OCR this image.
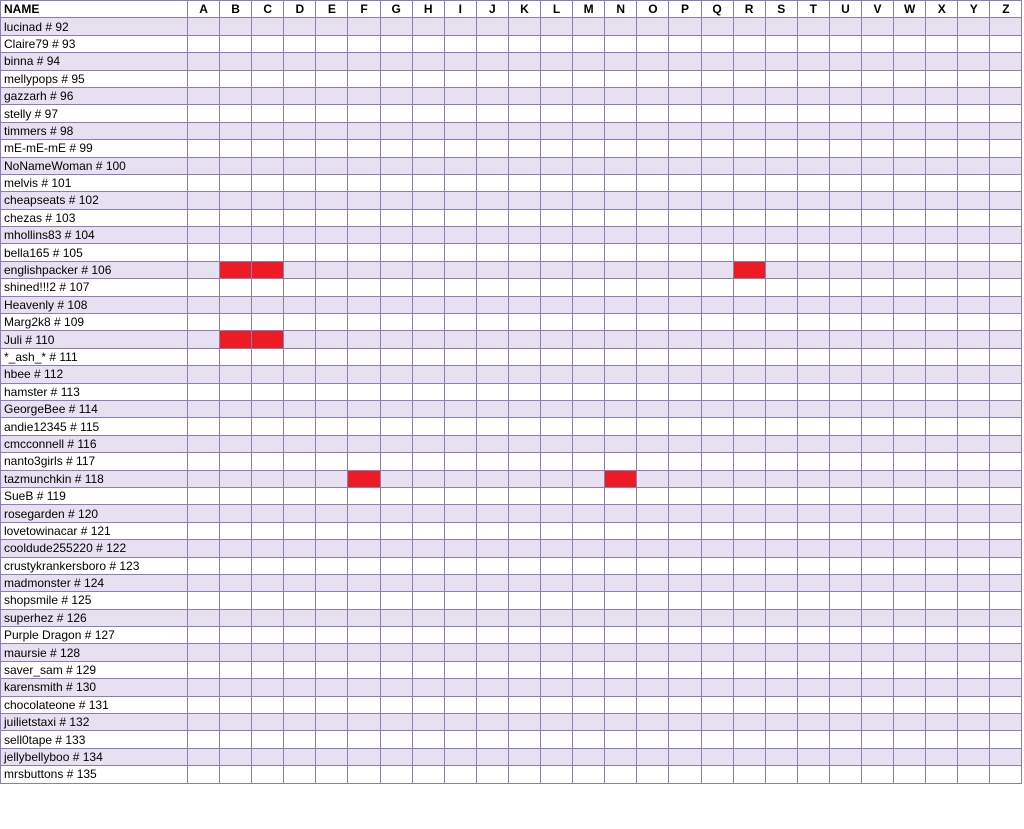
NAME	A	B	C	D	E	F	G	H	I	J	K	L	M	N	O	P	Q	R	S	T	U	V	W	X	Y	Z
lucinad # 92																										
Claire79 # 93																										
binna # 94																										
mellypops # 95																										
gazzarh # 96																										
stelly # 97																										
timmers # 98																										
mE-mE-mE # 99																										
NoNameWoman # 100																										
melvis # 101																										
cheapseats # 102																										
chezas # 103																										
mhollins83 # 104																										
bella165 # 105																										
englishpacker # 106																										
shined!!!2 # 107																										
Heavenly # 108																										
Marg2k8 # 109																										
Juli # 110																										
*_ash_* # 111																										
hbee # 112																										
hamster # 113																										
GeorgeBee # 114																										
andie12345 # 115																										
cmcconnell # 116																										
nanto3girls # 117																										
tazmunchkin # 118																										
SueB # 119																										
rosegarden # 120																										
lovetowinacar # 121																										
cooldude255220 # 122																										
crustykrankersboro # 123																										
madmonster # 124																										
shopsmile # 125																										
superhez # 126																										
Purple Dragon # 127																										
maursie # 128																										
saver_sam # 129																										
karensmith # 130																										
chocolateone # 131																										
juilietstaxi # 132																										
sell0tape # 133																										
jellybellyboo # 134																										
mrsbuttons # 135																										
